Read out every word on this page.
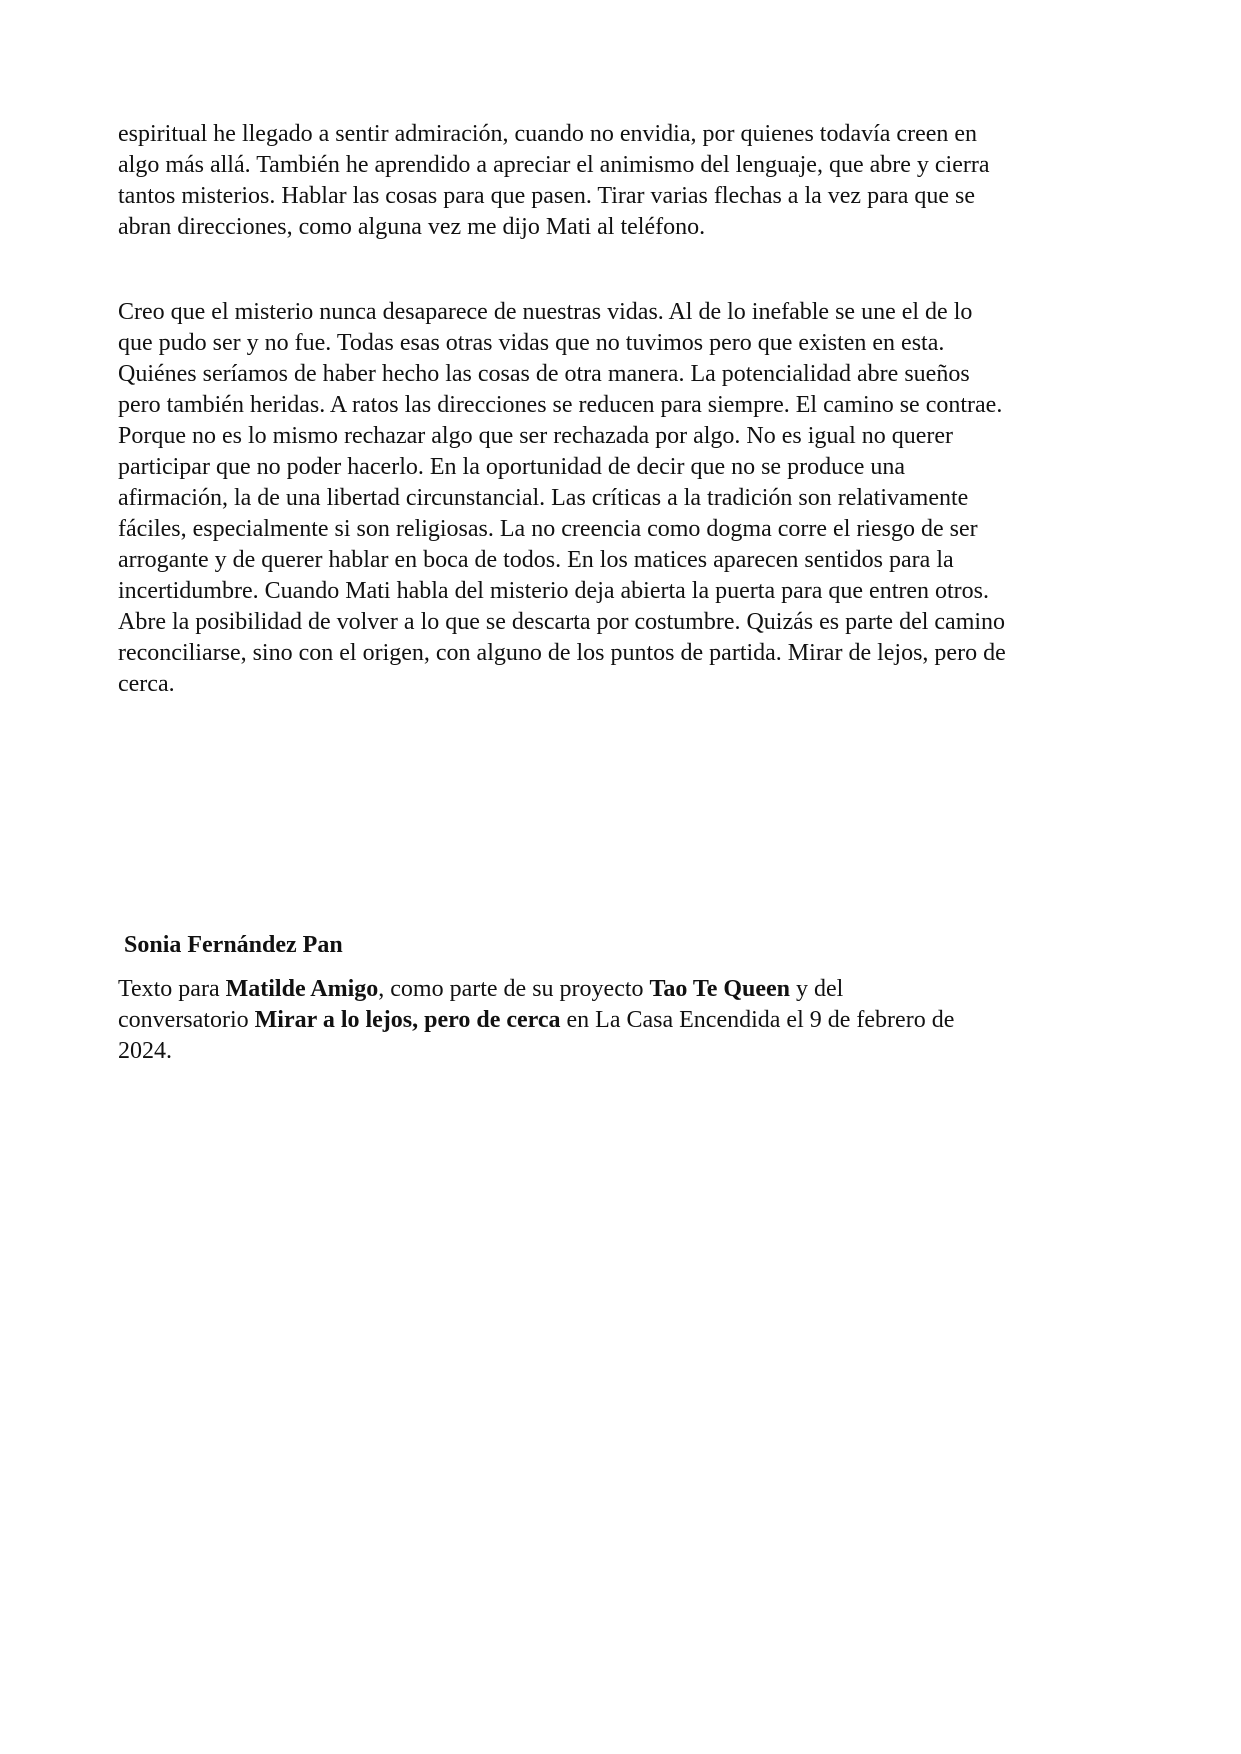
espiritual he llegado a sentir admiración, cuando no envidia, por quienes todavía creen en
algo más allá. También he aprendido a apreciar el animismo del lenguaje, que abre y cierra
tantos misterios. Hablar las cosas para que pasen. Tirar varias flechas a la vez para que se
abran direcciones, como alguna vez me dijo Mati al teléfono.

Creo que el misterio nunca desaparece de nuestras vidas. Al de lo inefable se une el de lo
que pudo ser y no fue. Todas esas otras vidas que no tuvimos pero que existen en esta.
Quiénes seríamos de haber hecho las cosas de otra manera. La potencialidad abre sueños
pero también heridas. A ratos las direcciones se reducen para siempre. El camino se contrae.
Porque no es lo mismo rechazar algo que ser rechazada por algo. No es igual no querer
participar que no poder hacerlo. En la oportunidad de decir que no se produce una
afirmación, la de una libertad circunstancial. Las críticas a la tradición son relativamente
fáciles, especialmente si son religiosas. La no creencia como dogma corre el riesgo de ser
arrogante y de querer hablar en boca de todos. En los matices aparecen sentidos para la
incertidumbre. Cuando Mati habla del misterio deja abierta la puerta para que entren otros.
Abre la posibilidad de volver a lo que se descarta por costumbre. Quizás es parte del camino
reconciliarse, sino con el origen, con alguno de los puntos de partida. Mirar de lejos, pero de
cerca.

Sonia Fernández Pan

Texto para Matilde Amigo, como parte de su proyecto Tao Te Queen y del
conversatorio Mirar a lo lejos, pero de cerca en La Casa Encendida el 9 de febrero de
2024.
